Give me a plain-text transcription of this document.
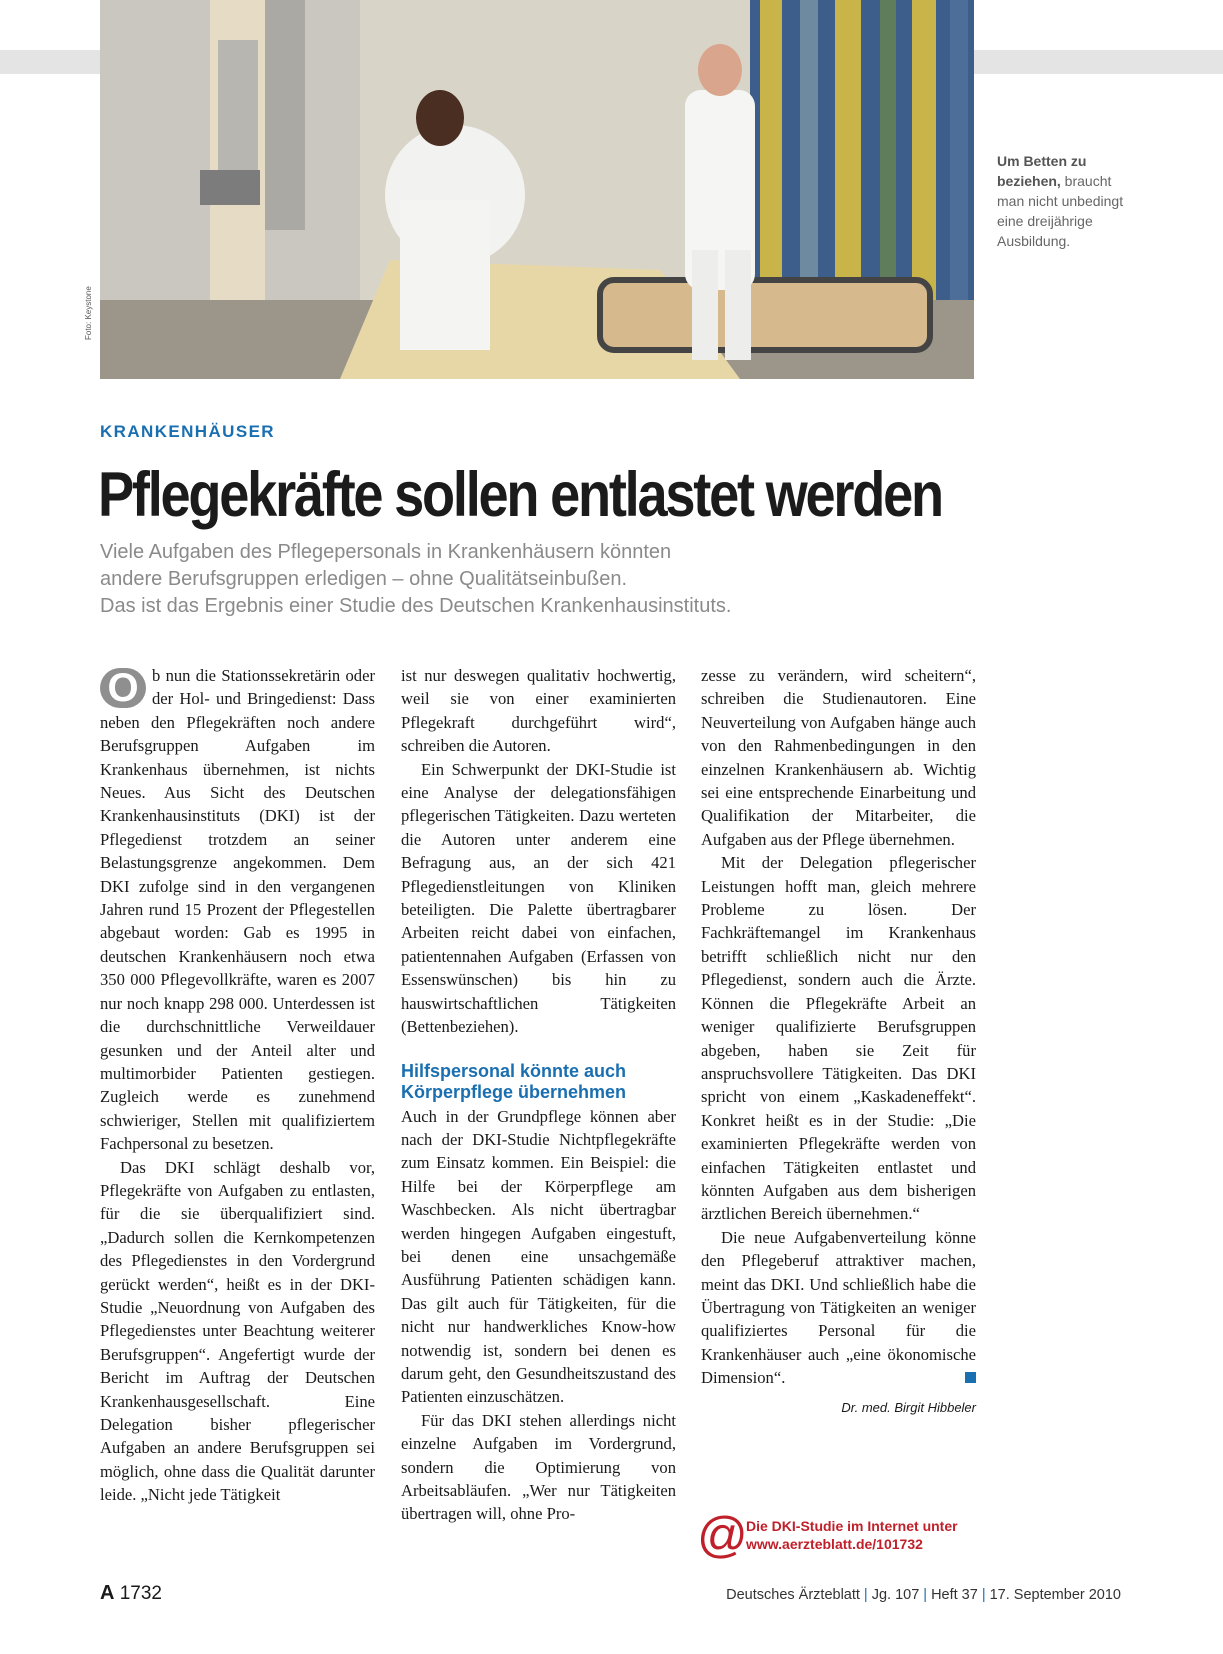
Foto: Keystone
Um Betten zu beziehen, braucht man nicht unbedingt eine dreijährige Ausbildung.
KRANKENHÄUSER
Pflegekräfte sollen entlastet werden
Viele Aufgaben des Pflegepersonals in Krankenhäusern könnten
andere Berufsgruppen erledigen – ohne Qualitätseinbußen.
Das ist das Ergebnis einer Studie des Deutschen Krankenhausinstituts.

O b nun die Stationssekretärin oder der Hol- und Bringedienst: Dass neben den Pflegekräften noch andere Berufsgruppen Aufgaben im Krankenhaus übernehmen, ist nichts Neues. Aus Sicht des Deutschen Krankenhausinstituts (DKI) ist der Pflegedienst trotzdem an seiner Belastungsgrenze angekommen. Dem DKI zufolge sind in den vergangenen Jahren rund 15 Prozent der Pflegestellen abgebaut worden: Gab es 1995 in deutschen Krankenhäusern noch etwa 350 000 Pflegevollkräfte, waren es 2007 nur noch knapp 298 000. Unterdessen ist die durchschnittliche Verweildauer gesunken und der Anteil alter und multimorbider Patienten gestiegen. Zugleich werde es zunehmend schwieriger, Stellen mit qualifiziertem Fachpersonal zu besetzen.

Das DKI schlägt deshalb vor, Pflegekräfte von Aufgaben zu entlasten, für die sie überqualifiziert sind. „Dadurch sollen die Kernkompetenzen des Pflegedienstes in den Vordergrund gerückt werden“, heißt es in der DKI-Studie „Neuordnung von Aufgaben des Pflegedienstes unter Beachtung weiterer Berufsgruppen“. Angefertigt wurde der Bericht im Auftrag der Deutschen Krankenhausgesellschaft. Eine Delegation bisher pflegerischer Aufgaben an andere Berufsgruppen sei möglich, ohne dass die Qualität darunter leide. „Nicht jede Tätigkeit

ist nur deswegen qualitativ hochwertig, weil sie von einer examinierten Pflegekraft durchgeführt wird“, schreiben die Autoren.

Ein Schwerpunkt der DKI-Studie ist eine Analyse der delegationsfähigen pflegerischen Tätigkeiten. Dazu werteten die Autoren unter anderem eine Befragung aus, an der sich 421 Pflegedienstleitungen von Kliniken beteiligten. Die Palette übertragbarer Arbeiten reicht dabei von einfachen, patientennahen Aufgaben (Erfassen von Essenswünschen) bis hin zu hauswirtschaftlichen Tätigkeiten (Bettenbeziehen).

Hilfspersonal könnte auch Körperpflege übernehmen

Auch in der Grundpflege können aber nach der DKI-Studie Nichtpflegekräfte zum Einsatz kommen. Ein Beispiel: die Hilfe bei der Körperpflege am Waschbecken. Als nicht übertragbar werden hingegen Aufgaben eingestuft, bei denen eine unsachgemäße Ausführung Patienten schädigen kann. Das gilt auch für Tätigkeiten, für die nicht nur handwerkliches Know-how notwendig ist, sondern bei denen es darum geht, den Gesundheitszustand des Patienten einzuschätzen.

Für das DKI stehen allerdings nicht einzelne Aufgaben im Vordergrund, sondern die Optimierung von Arbeitsabläufen. „Wer nur Tätigkeiten übertragen will, ohne Pro-

zesse zu verändern, wird scheitern“, schreiben die Studienautoren. Eine Neuverteilung von Aufgaben hänge auch von den Rahmenbedingungen in den einzelnen Krankenhäusern ab. Wichtig sei eine entsprechende Einarbeitung und Qualifikation der Mitarbeiter, die Aufgaben aus der Pflege übernehmen.

Mit der Delegation pflegerischer Leistungen hofft man, gleich mehrere Probleme zu lösen. Der Fachkräftemangel im Krankenhaus betrifft schließlich nicht nur den Pflegedienst, sondern auch die Ärzte. Können die Pflegekräfte Arbeit an weniger qualifizierte Berufsgruppen abgeben, haben sie Zeit für anspruchsvollere Tätigkeiten. Das DKI spricht von einem „Kaskadeneffekt“. Konkret heißt es in der Studie: „Die examinierten Pflegekräfte werden von einfachen Tätigkeiten entlastet und könnten Aufgaben aus dem bisherigen ärztlichen Bereich übernehmen.“

Die neue Aufgabenverteilung könne den Pflegeberuf attraktiver machen, meint das DKI. Und schließlich habe die Übertragung von Tätigkeiten an weniger qualifiziertes Personal für die Krankenhäuser auch „eine ökonomische Dimension“.

Dr. med. Birgit Hibbeler
@
Die DKI-Studie im Internet unter
www.aerzteblatt.de/101732
A 1732	Deutsches Ärzteblatt | Jg. 107 | Heft 37 | 17. September 2010
